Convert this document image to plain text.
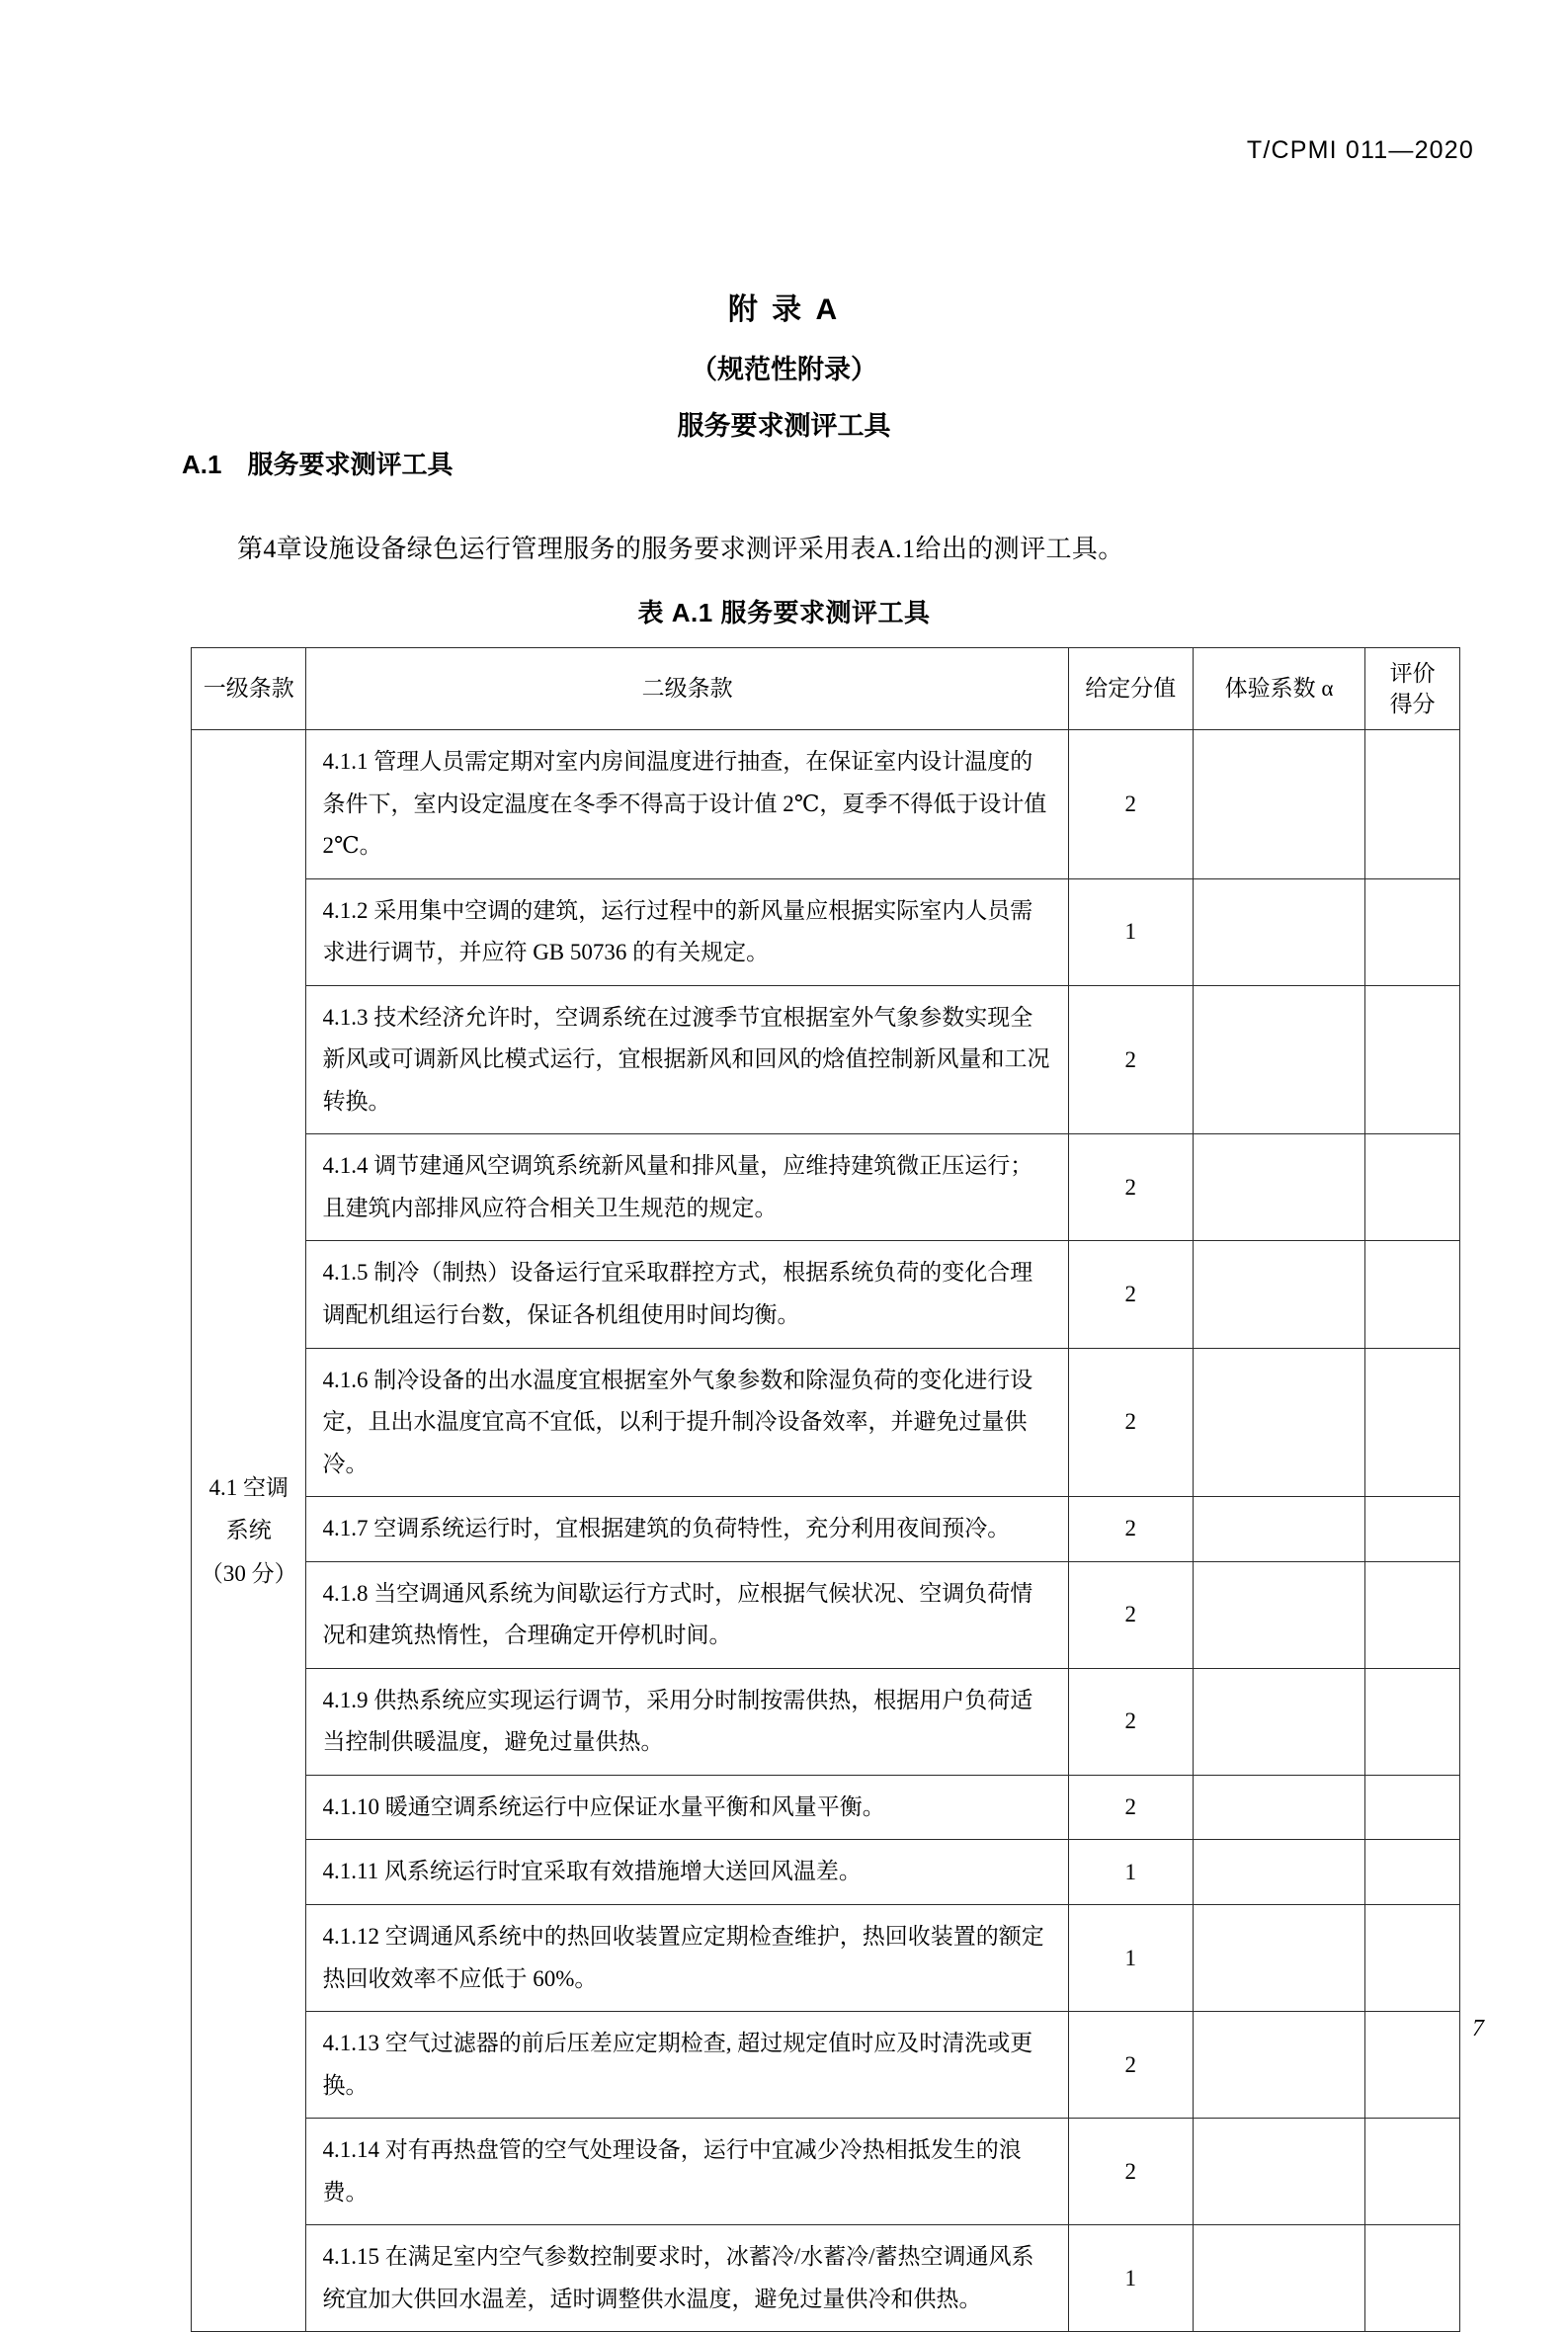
T/CPMI 011—2020
附 录 A
（规范性附录）
服务要求测评工具
A.1 服务要求测评工具
第4章设施设备绿色运行管理服务的服务要求测评采用表A.1给出的测评工具。
表 A.1 服务要求测评工具
一级条款	二级条款	给定分值	体验系数 α	评价
得分

4.1 空调
系统
（30 分）	4.1.1 管理人员需定期对室内房间温度进行抽查，在保证室内设计温度的条件下，室内设定温度在冬季不得高于设计值 2℃，夏季不得低于设计值 2℃。	2		
	4.1.2 采用集中空调的建筑，运行过程中的新风量应根据实际室内人员需求进行调节，并应符 GB 50736 的有关规定。	1		
	4.1.3 技术经济允许时，空调系统在过渡季节宜根据室外气象参数实现全新风或可调新风比模式运行，宜根据新风和回风的焓值控制新风量和工况转换。	2		
	4.1.4 调节建通风空调筑系统新风量和排风量，应维持建筑微正压运行；且建筑内部排风应符合相关卫生规范的规定。	2		
	4.1.5 制冷（制热）设备运行宜采取群控方式，根据系统负荷的变化合理调配机组运行台数，保证各机组使用时间均衡。	2		
	4.1.6 制冷设备的出水温度宜根据室外气象参数和除湿负荷的变化进行设定，且出水温度宜高不宜低，以利于提升制冷设备效率，并避免过量供冷。	2		
	4.1.7 空调系统运行时，宜根据建筑的负荷特性，充分利用夜间预冷。	2		
	4.1.8 当空调通风系统为间歇运行方式时，应根据气候状况、空调负荷情况和建筑热惰性，合理确定开停机时间。	2		
	4.1.9 供热系统应实现运行调节，采用分时制按需供热，根据用户负荷适当控制供暖温度，避免过量供热。	2		
	4.1.10 暖通空调系统运行中应保证水量平衡和风量平衡。	2		
	4.1.11 风系统运行时宜采取有效措施增大送回风温差。	1		
	4.1.12 空调通风系统中的热回收装置应定期检查维护，热回收装置的额定热回收效率不应低于 60%。	1		
	4.1.13 空气过滤器的前后压差应定期检查, 超过规定值时应及时清洗或更换。	2		
	4.1.14 对有再热盘管的空气处理设备，运行中宜减少冷热相抵发生的浪费。	2		
	4.1.15 在满足室内空气参数控制要求时，冰蓄冷/水蓄冷/蓄热空调通风系统宜加大供回水温差，适时调整供水温度，避免过量供冷和供热。	1		
7
